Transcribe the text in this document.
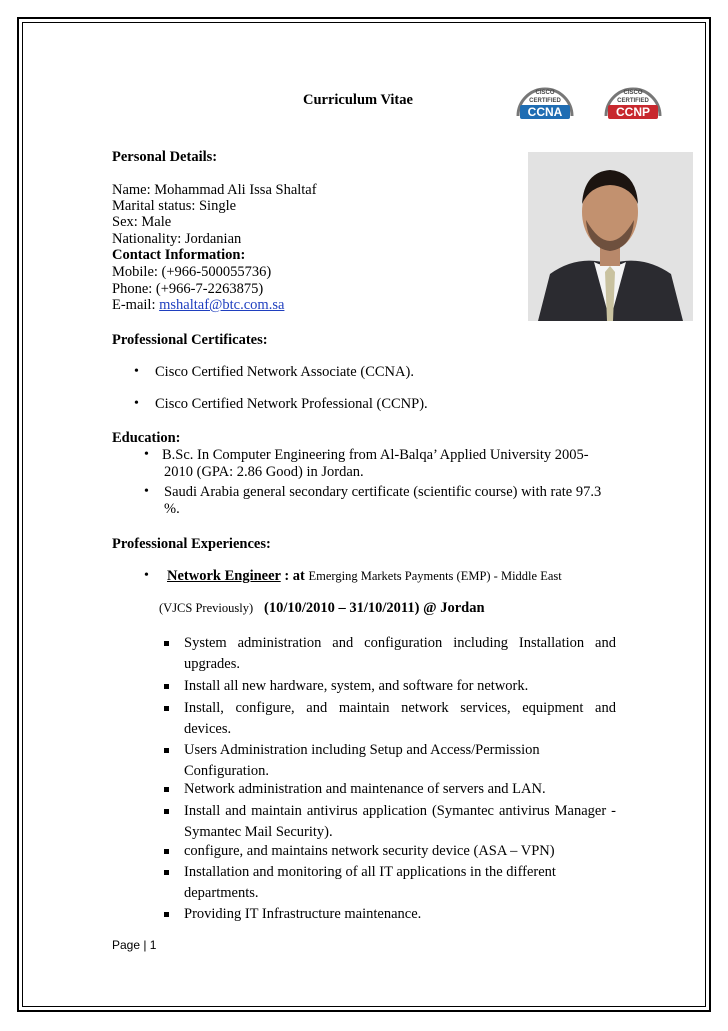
Curriculum Vitae	CISCO
CERTIFIED
CCNA
CISCO
CERTIFIED
CCNP
Personal Details:
Name: Mohammad Ali Issa Shaltaf
Marital status: Single
Sex: Male
Nationality: Jordanian
Contact Information:
Mobile: (+966-500055736)
Phone: (+966-7-2263875)
E-mail: mshaltaf@btc.com.sa
Professional Certificates:
• Cisco Certified Network Associate (CCNA).
• Cisco Certified Network Professional (CCNP).
Education:
• B.Sc. In Computer Engineering from Al-Balqa’ Applied University 2005-
2010 (GPA: 2.86 Good) in Jordan.
• Saudi Arabia general secondary certificate (scientific course) with rate 97.3
%.
Professional Experiences:
• Network Engineer : at Emerging Markets Payments (EMP) - Middle East
(VJCS Previously) (10/10/2010 – 31/10/2011) @ Jordan
System administration and configuration including Installation and
upgrades.
Install all new hardware, system, and software for network.
Install, configure, and maintain network services, equipment and
devices.
Users Administration including Setup and Access/Permission
Configuration.
Network administration and maintenance of servers and LAN.
Install and maintain antivirus application (Symantec antivirus Manager -
Symantec Mail Security).
configure, and maintains network security device (ASA – VPN)
Installation and monitoring of all IT applications in the different
departments.
Providing IT Infrastructure maintenance.
Page | 1
